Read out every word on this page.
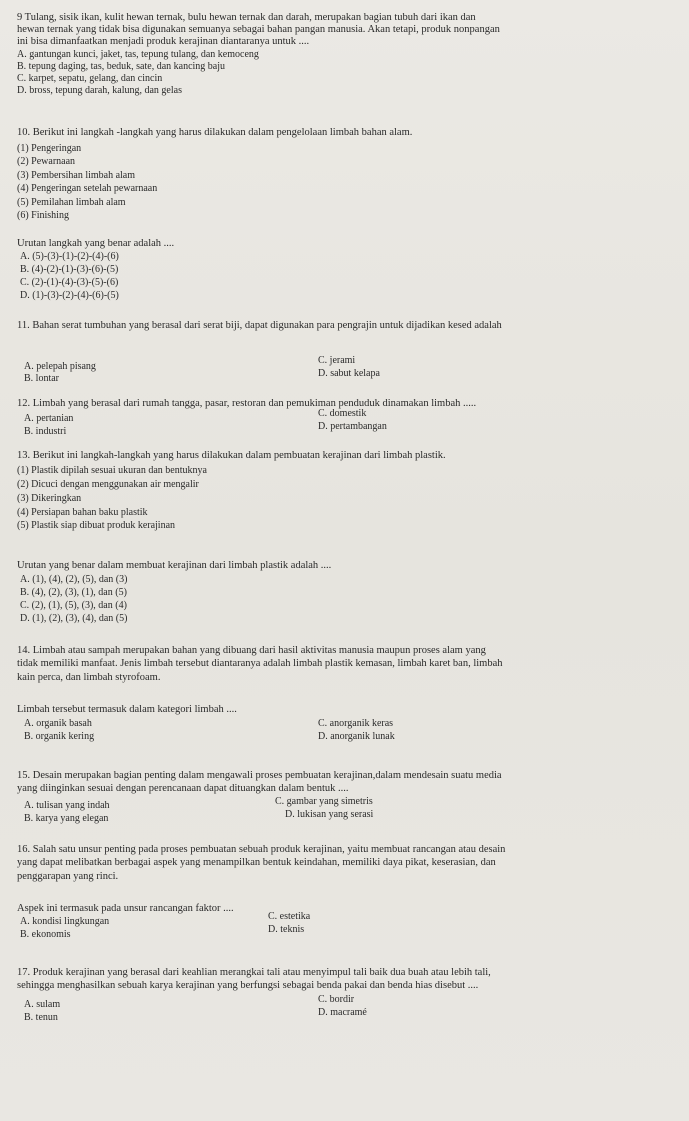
9 Tulang, sisik ikan, kulit hewan ternak, bulu hewan ternak dan darah, merupakan bagian tubuh dari ikan dan
hewan ternak yang tidak bisa digunakan semuanya sebagai bahan pangan manusia. Akan tetapi, produk nonpangan
ini bisa dimanfaatkan menjadi produk kerajinan diantaranya untuk ....
A. gantungan kunci, jaket, tas, tepung tulang, dan kemoceng
B. tepung daging, tas, beduk, sate, dan kancing baju
C. karpet, sepatu, gelang, dan cincin
D. bross, tepung darah, kalung, dan gelas
10. Berikut ini langkah -langkah yang harus dilakukan dalam pengelolaan limbah bahan alam.
(1) Pengeringan
(2) Pewarnaan
(3) Pembersihan limbah alam
(4) Pengeringan setelah pewarnaan
(5) Pemilahan limbah alam
(6) Finishing
Urutan langkah yang benar adalah ....
A. (5)-(3)-(1)-(2)-(4)-(6)
B. (4)-(2)-(1)-(3)-(6)-(5)
C. (2)-(1)-(4)-(3)-(5)-(6)
D. (1)-(3)-(2)-(4)-(6)-(5)
11. Bahan serat tumbuhan yang berasal dari serat biji, dapat digunakan para pengrajin untuk dijadikan kesed adalah
A. pelepah pisang
B. lontar
C. jerami
D. sabut kelapa
12. Limbah yang berasal dari rumah tangga, pasar, restoran dan pemukiman penduduk dinamakan limbah .....
A. pertanian
B. industri
C. domestik
D. pertambangan
13. Berikut ini langkah-langkah yang harus dilakukan dalam pembuatan kerajinan dari limbah plastik.
(1) Plastik dipilah sesuai ukuran dan bentuknya
(2) Dicuci dengan menggunakan air mengalir
(3) Dikeringkan
(4) Persiapan bahan baku plastik
(5) Plastik siap dibuat produk kerajinan
Urutan yang benar dalam membuat kerajinan dari limbah plastik adalah ....
A. (1), (4), (2), (5), dan (3)
B. (4), (2), (3), (1), dan (5)
C. (2), (1), (5), (3), dan (4)
D. (1), (2), (3), (4), dan (5)
14. Limbah atau sampah merupakan bahan yang dibuang dari hasil aktivitas manusia maupun proses alam yang
tidak memiliki manfaat. Jenis limbah tersebut diantaranya adalah limbah plastik kemasan, limbah karet ban, limbah
kain perca, dan limbah styrofoam.
Limbah tersebut termasuk dalam kategori limbah ....
A. organik basah
B. organik kering
C. anorganik keras
D. anorganik lunak
15. Desain merupakan bagian penting dalam mengawali proses pembuatan kerajinan,dalam mendesain suatu media
yang diinginkan sesuai dengan perencanaan dapat dituangkan dalam bentuk ....
A. tulisan yang indah
B. karya yang elegan
C. gambar yang simetris
D. lukisan yang serasi
16. Salah satu unsur penting pada proses pembuatan sebuah produk kerajinan, yaitu membuat rancangan atau desain
yang dapat melibatkan berbagai aspek yang menampilkan bentuk keindahan, memiliki daya pikat, keserasian, dan
penggarapan yang rinci.
Aspek ini termasuk pada unsur rancangan faktor ....
A. kondisi lingkungan
B. ekonomis
C. estetika
D. teknis
17. Produk kerajinan yang berasal dari keahlian merangkai tali atau menyimpul tali baik dua buah atau lebih tali,
sehingga menghasilkan sebuah karya kerajinan yang berfungsi sebagai benda pakai dan benda hias disebut ....
A. sulam
B. tenun
C. bordir
D. macramé
